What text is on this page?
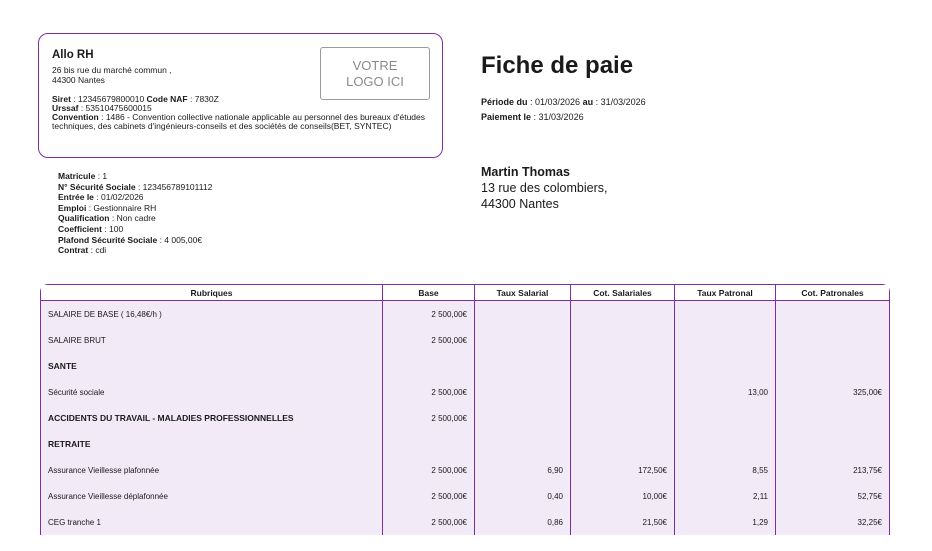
Allo RH
26 bis rue du marché commun ,
44300 Nantes
Siret : 12345679800010 Code NAF : 7830Z
Urssaf : 53510475600015
Convention : 1486 - Convention collective nationale applicable au personnel des bureaux d'études techniques, des cabinets d'ingénieurs-conseils et des sociétés de conseils(BET, SYNTEC)
VOTRE
LOGO ICI
Fiche de paie
Période du : 01/03/2026 au : 31/03/2026
Paiement le : 31/03/2026
Martin Thomas
13 rue des colombiers,
44300 Nantes
Matricule : 1
N° Sécurité Sociale : 123456789101112
Entrée le : 01/02/2026
Emploi : Gestionnaire RH
Qualification : Non cadre
Coefficient : 100
Plafond Sécurité Sociale : 4 005,00€
Contrat : cdi
Rubriques	Base	Taux Salarial	Cot. Salariales	Taux Patronal	Cot. Patronales
SALAIRE DE BASE ( 16,48€/h )	2 500,00€				
SALAIRE BRUT	2 500,00€				
SANTE					
Sécurité sociale	2 500,00€			13,00	325,00€
ACCIDENTS DU TRAVAIL - MALADIES PROFESSIONNELLES	2 500,00€				
RETRAITE					
Assurance Vieillesse plafonnée	2 500,00€	6,90	172,50€	8,55	213,75€
Assurance Vieillesse déplafonnée	2 500,00€	0,40	10,00€	2,11	52,75€
CEG tranche 1	2 500,00€	0,86	21,50€	1,29	32,25€
